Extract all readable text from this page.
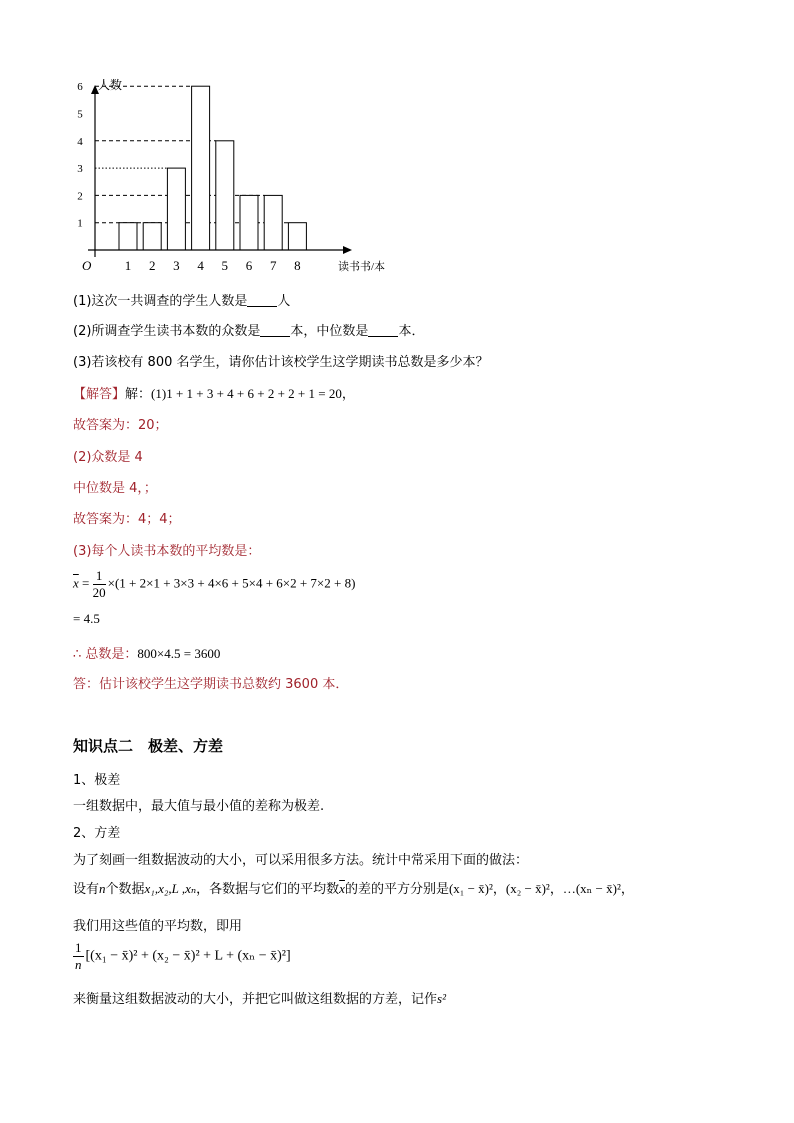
1 2 3 4 5 6 7 8
1
2
3
4
5
6
O
人数
读书书/本
(1)这次一共调查的学生人数是 人
(2)所调查学生读书本数的众数是 本，中位数是 本．
(3)若该校有 800 名学生，请你估计该校学生这学期读书总数是多少本？
【解答】解：(1)1 + 1 + 3 + 4 + 6 + 2 + 2 + 1 = 20，
故答案为：20；
(2)众数是 4
中位数是 4，；
故答案为：4；4；
(3)每个人读书本数的平均数是：
$\overline{x} = \frac{1}{20} \times(1 + 2\times 1 + 3\times 3 + 4\times 6 + 5\times 4 + 6\times 2 + 7\times 2 + 8)$
= 4.5
∴ 总数是：800×4.5 = 3600
答：估计该校学生这学期读书总数约 3600 本．
知识点二　极差、方差
1、极差
一组数据中，最大值与最小值的差称为极差.
2、方差
为了刻画一组数据波动的大小，可以采用很多方法。统计中常采用下面的做法：
设有n个数据x₁,x₂,L ,xₙ，各数据与它们的平均数$\overline{x}$的差的平方分别是(x₁ − x̄)²，(x₂ − x̄)²，…(xₙ − x̄)²，
我们用这些值的平均数，即用
$\frac{1}{n} [(x_1$ − x̄)² + (x₂ − x̄)² + L + (xₙ − x̄)²]
来衡量这组数据波动的大小，并把它叫做这组数据的方差，记作s²
